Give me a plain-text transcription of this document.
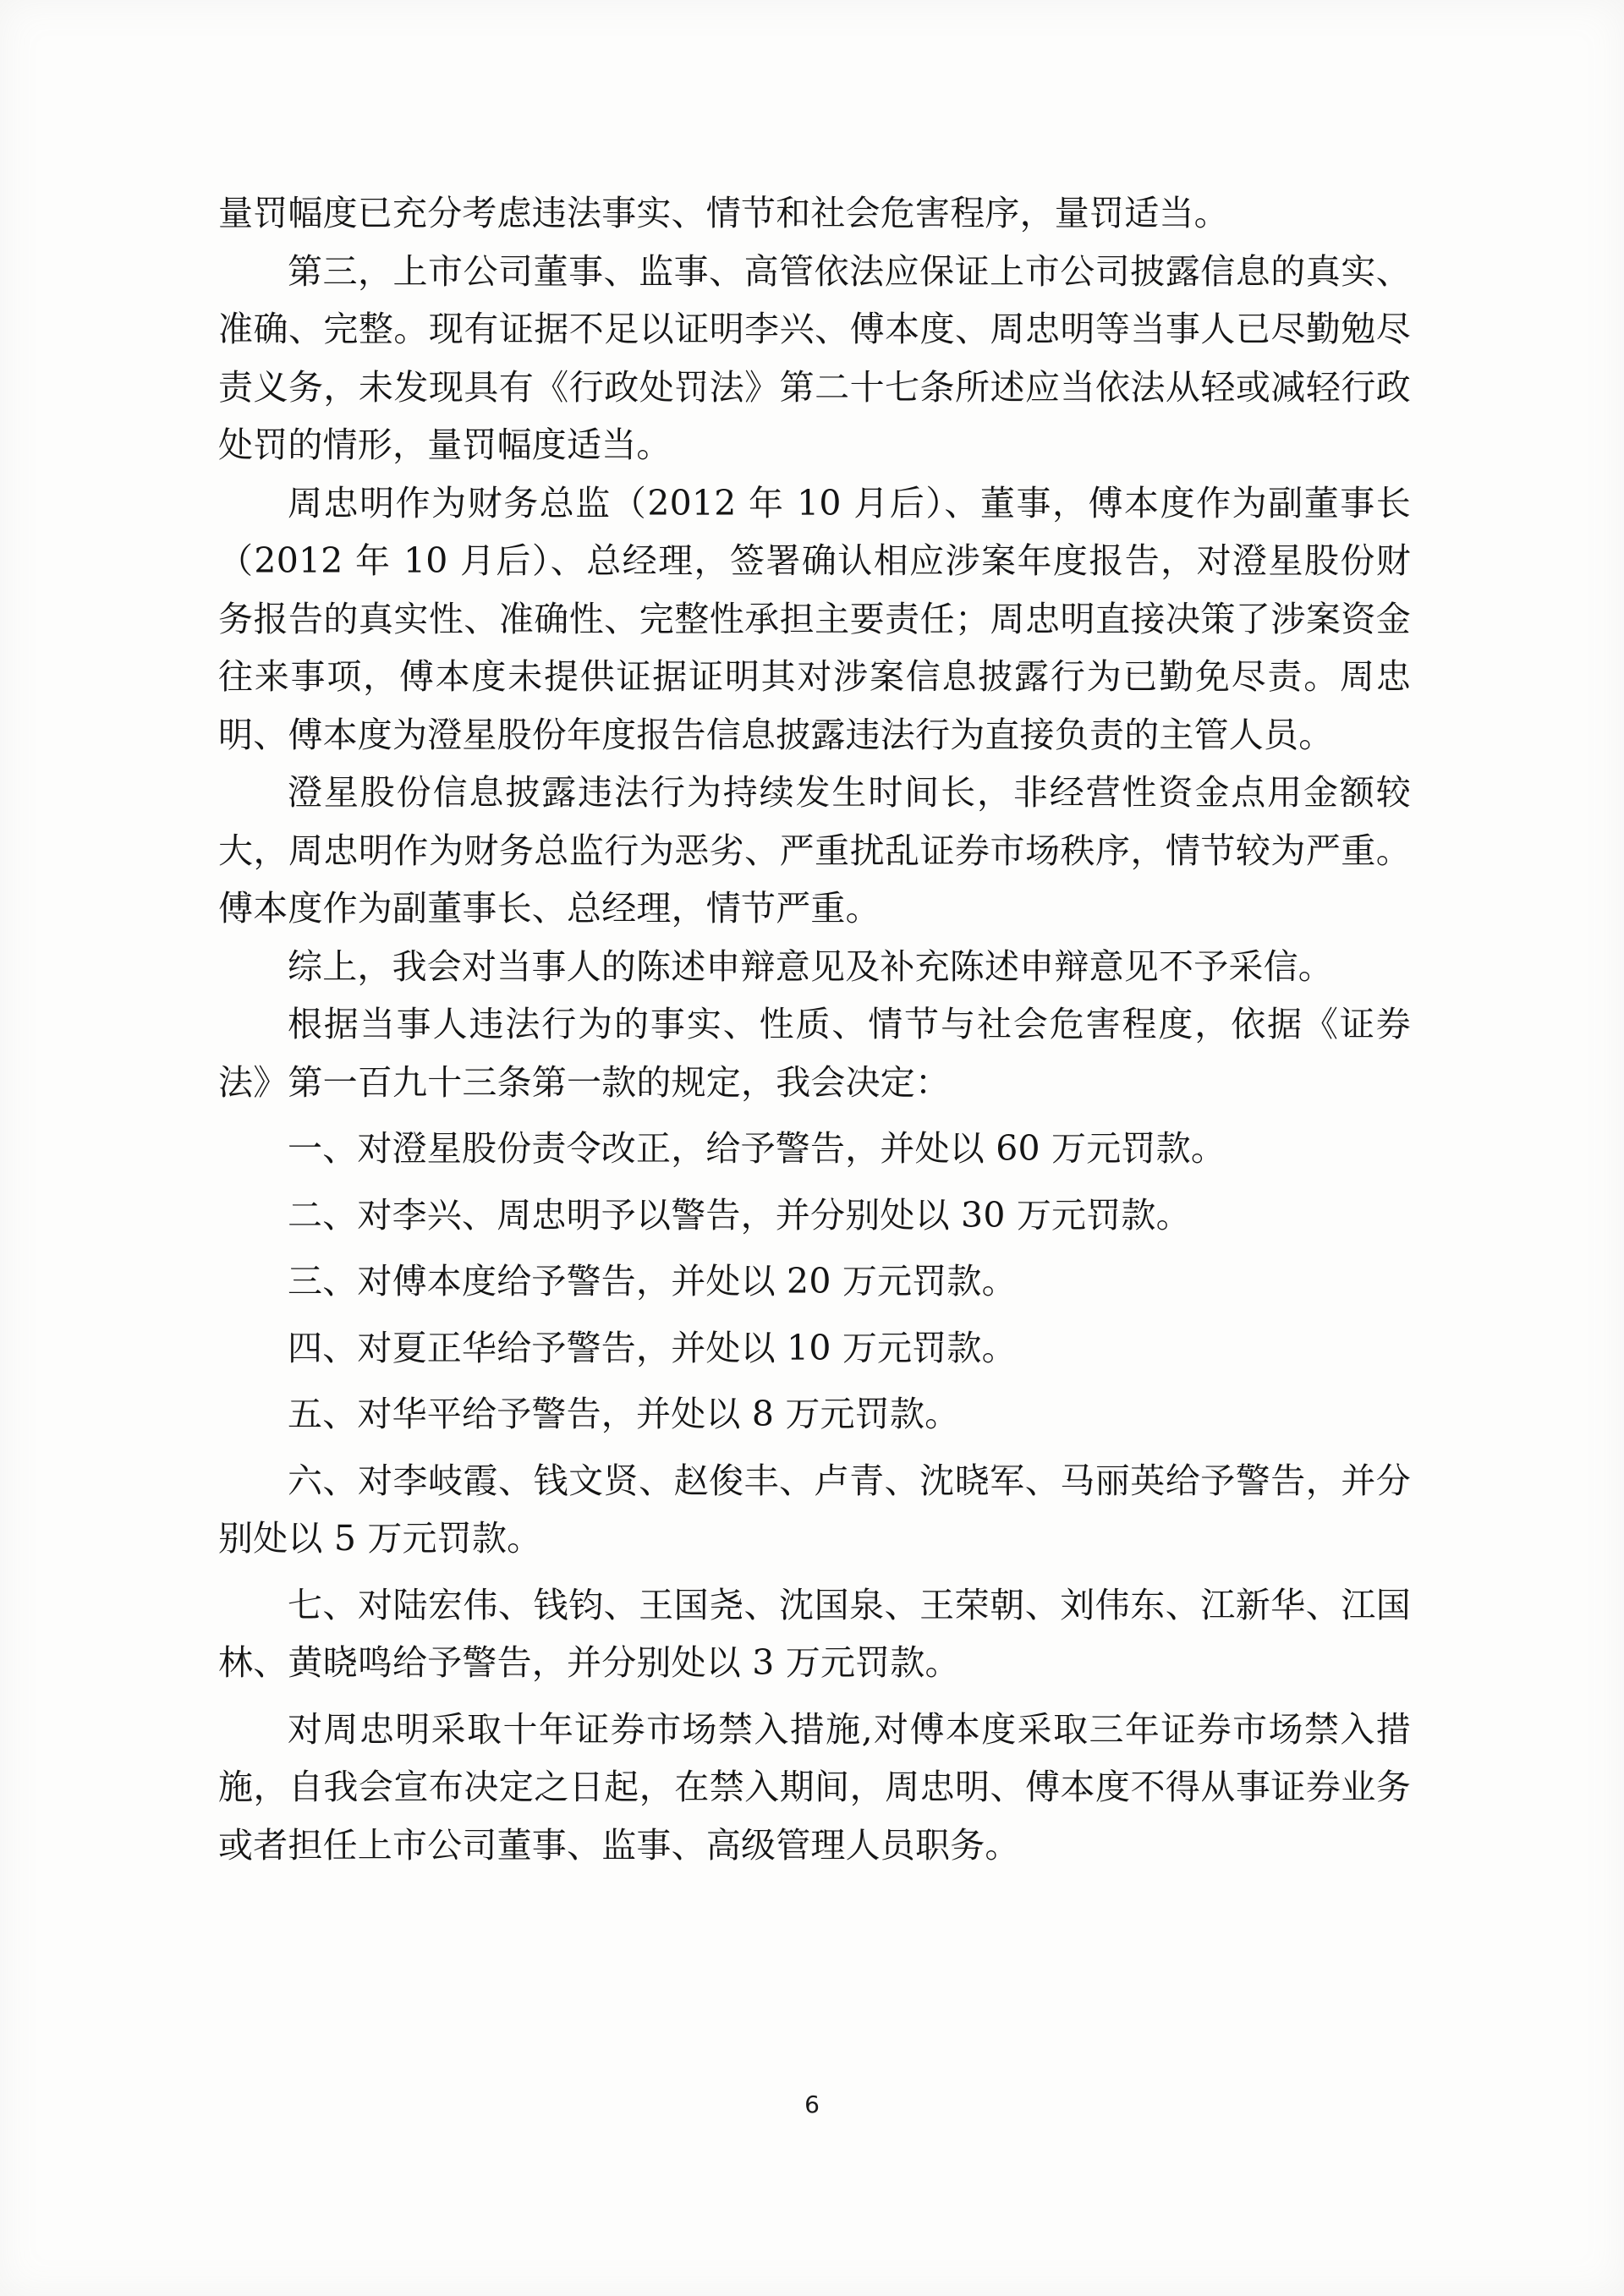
量罚幅度已充分考虑违法事实、情节和社会危害程序，量罚适当。

第三，上市公司董事、监事、高管依法应保证上市公司披露信息的真实、准确、完整。现有证据不足以证明李兴、傅本度、周忠明等当事人已尽勤勉尽责义务，未发现具有《行政处罚法》第二十七条所述应当依法从轻或减轻行政处罚的情形，量罚幅度适当。

周忠明作为财务总监（2012 年 10 月后）、董事，傅本度作为副董事长（2012 年 10 月后）、总经理，签署确认相应涉案年度报告，对澄星股份财务报告的真实性、准确性、完整性承担主要责任；周忠明直接决策了涉案资金往来事项，傅本度未提供证据证明其对涉案信息披露行为已勤免尽责。周忠明、傅本度为澄星股份年度报告信息披露违法行为直接负责的主管人员。

澄星股份信息披露违法行为持续发生时间长，非经营性资金点用金额较大，周忠明作为财务总监行为恶劣、严重扰乱证券市场秩序，情节较为严重。傅本度作为副董事长、总经理，情节严重。

综上，我会对当事人的陈述申辩意见及补充陈述申辩意见不予采信。

根据当事人违法行为的事实、性质、情节与社会危害程度，依据《证券法》第一百九十三条第一款的规定，我会决定：

一、对澄星股份责令改正，给予警告，并处以 60 万元罚款。

二、对李兴、周忠明予以警告，并分别处以 30 万元罚款。

三、对傅本度给予警告，并处以 20 万元罚款。

四、对夏正华给予警告，并处以 10 万元罚款。

五、对华平给予警告，并处以 8 万元罚款。

六、对李岐霞、钱文贤、赵俊丰、卢青、沈晓军、马丽英给予警告，并分别处以 5 万元罚款。

七、对陆宏伟、钱钧、王国尧、沈国泉、王荣朝、刘伟东、江新华、江国林、黄晓鸣给予警告，并分别处以 3 万元罚款。

对周忠明采取十年证券市场禁入措施,对傅本度采取三年证券市场禁入措施，自我会宣布决定之日起，在禁入期间，周忠明、傅本度不得从事证券业务或者担任上市公司董事、监事、高级管理人员职务。

6
